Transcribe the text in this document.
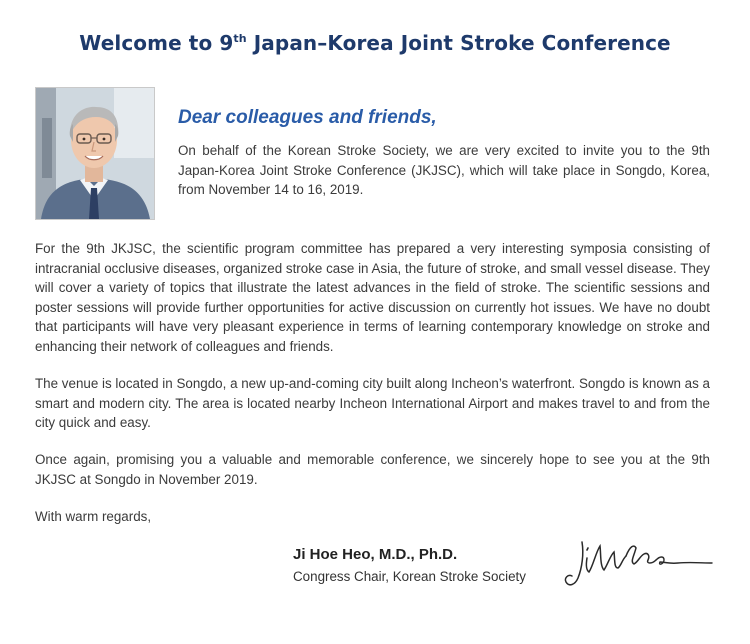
Welcome to 9th Japan–Korea Joint Stroke Conference
Dear colleagues and friends,

On behalf of the Korean Stroke Society, we are very excited to invite you to the 9th Japan-Korea Joint Stroke Conference (JKJSC), which will take place in Songdo, Korea, from November 14 to 16, 2019.

For the 9th JKJSC, the scientific program committee has prepared a very interesting symposia consisting of intracranial occlusive diseases, organized stroke case in Asia, the future of stroke, and small vessel disease. They will cover a variety of topics that illustrate the latest advances in the field of stroke. The scientific sessions and poster sessions will provide further opportunities for active discussion on currently hot issues. We have no doubt that participants will have very pleasant experience in terms of learning contemporary knowledge on stroke and enhancing their network of colleagues and friends.

The venue is located in Songdo, a new up-and-coming city built along Incheon’s waterfront. Songdo is known as a smart and modern city. The area is located nearby Incheon International Airport and makes travel to and from the city quick and easy.

Once again, promising you a valuable and memorable conference, we sincerely hope to see you at the 9th JKJSC at Songdo in November 2019.

With warm regards,

Ji Hoe Heo, M.D., Ph.D.
Congress Chair, Korean Stroke Society
